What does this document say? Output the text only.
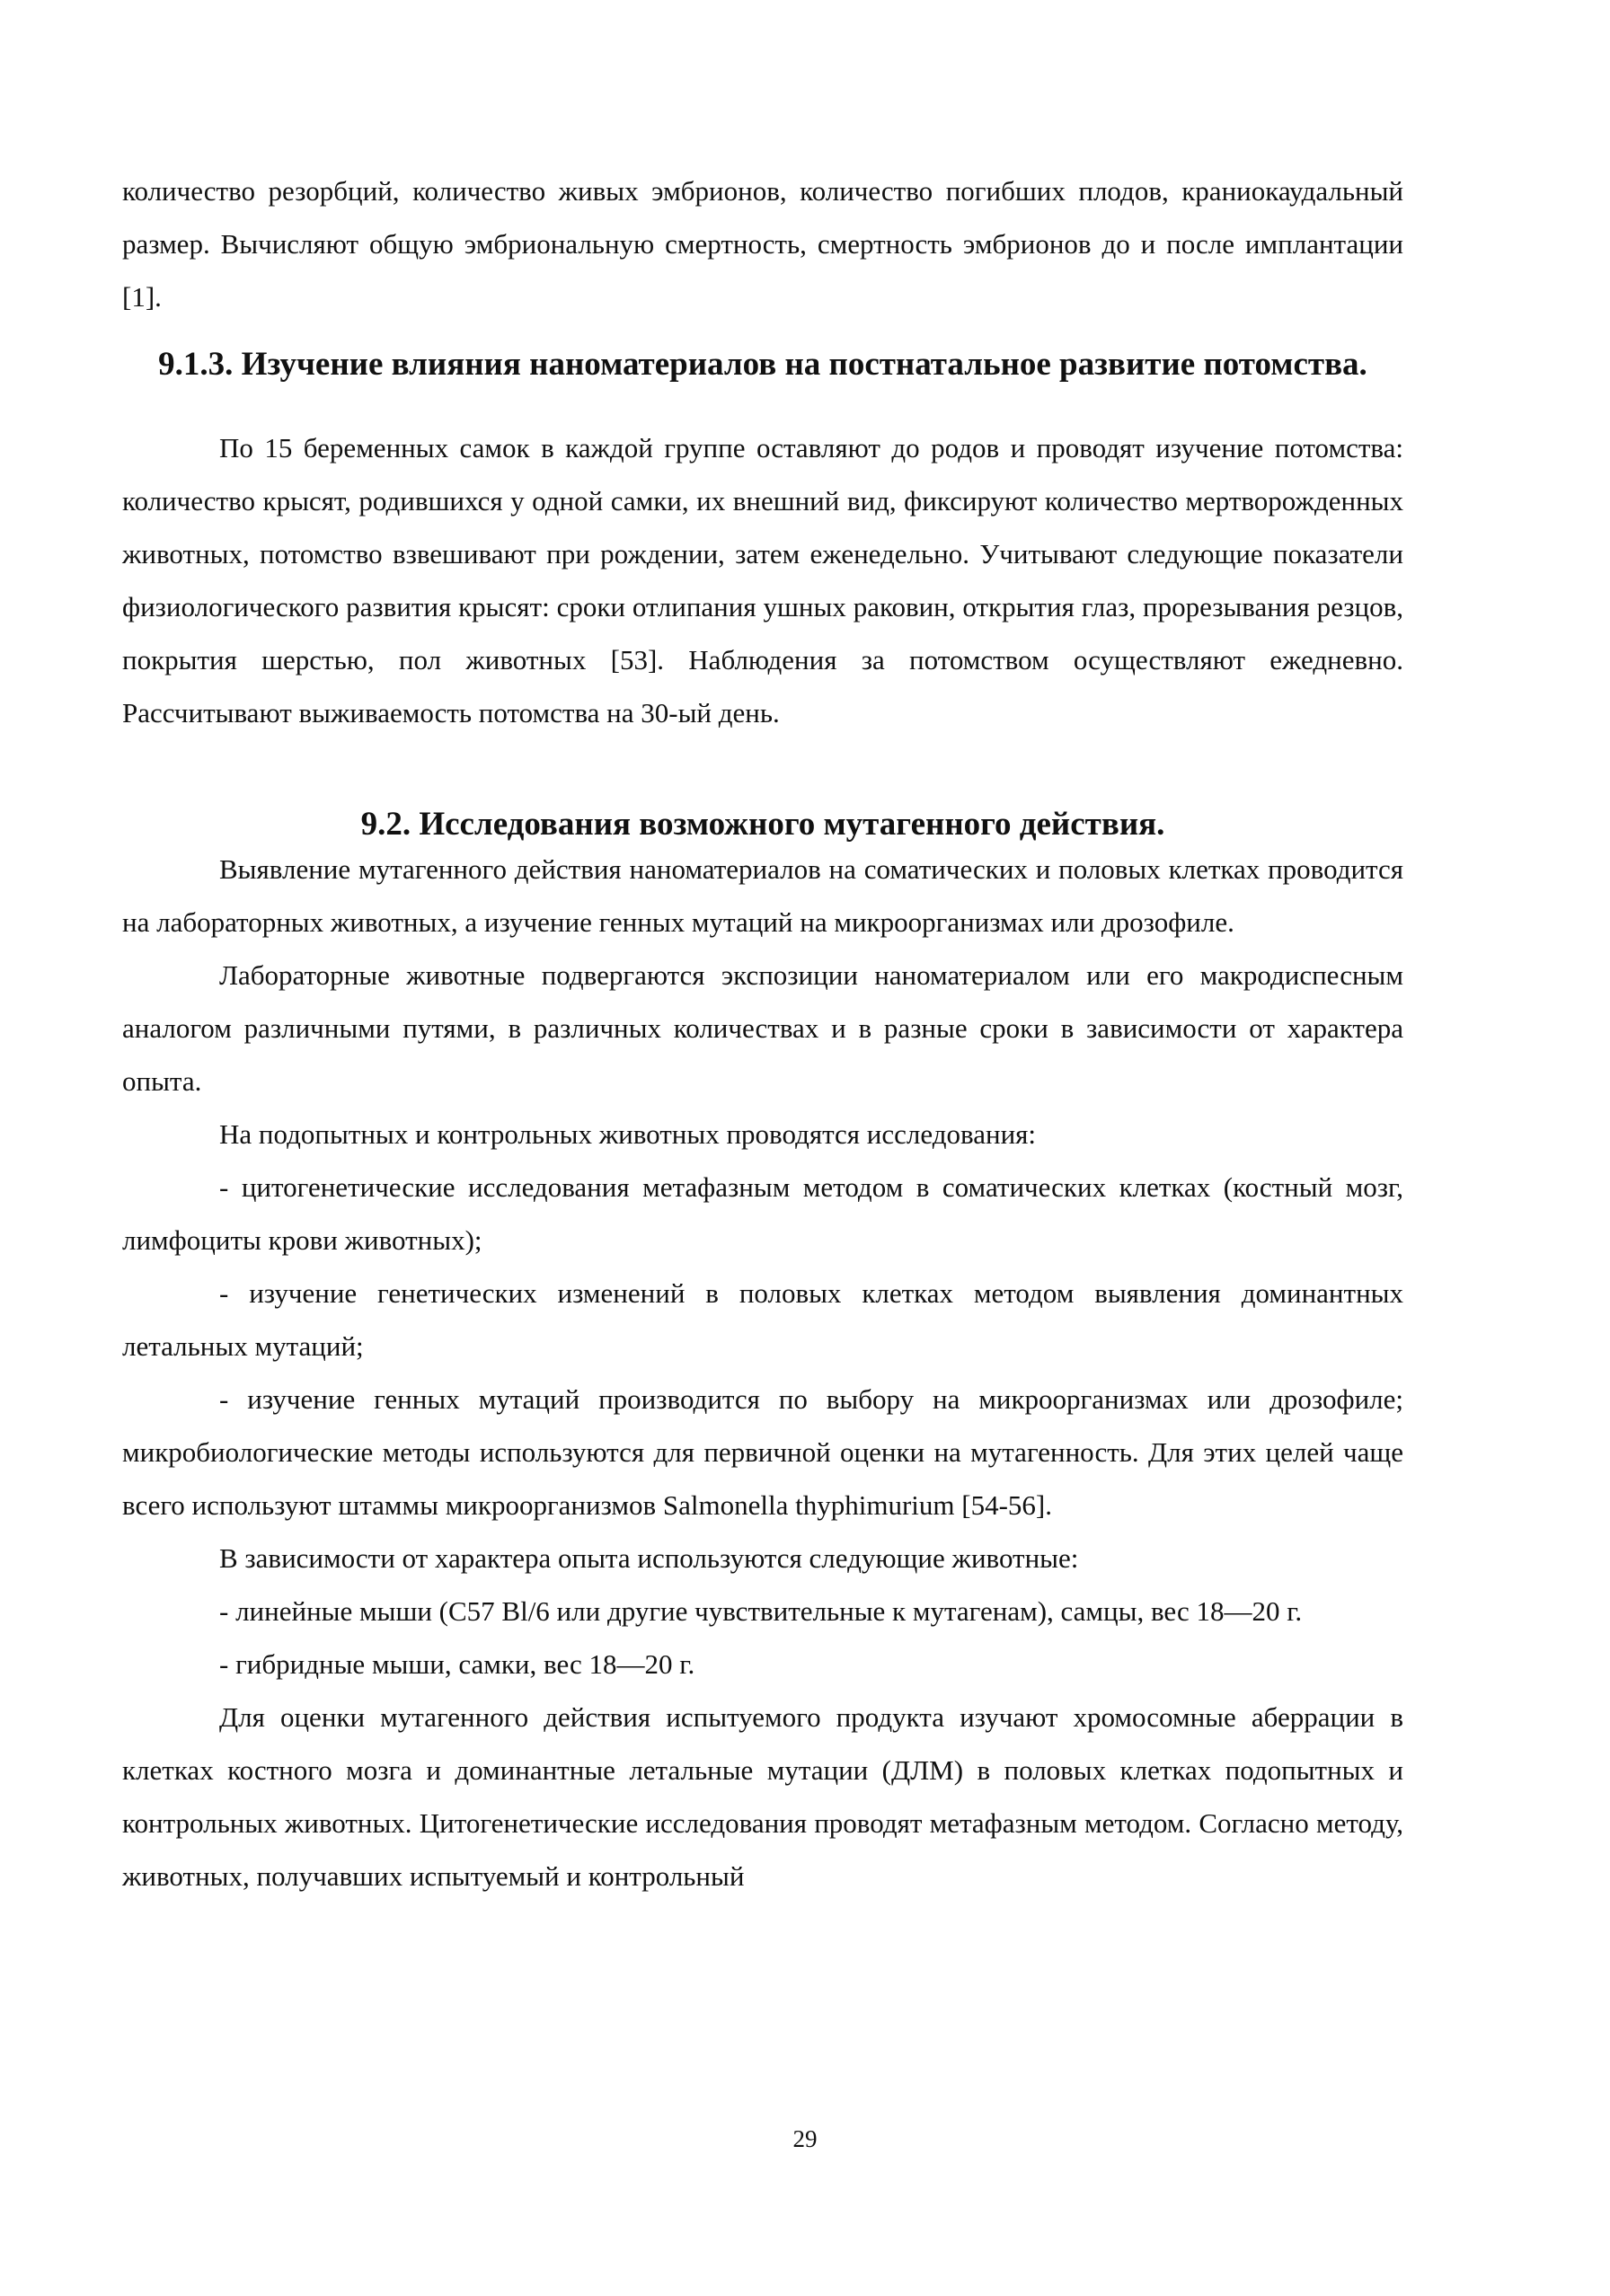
количество резорбций, количество живых эмбрионов, количество погибших плодов, краниокаудальный размер. Вычисляют общую эмбриональную смертность, смертность эмбрионов до и после имплантации [1].

9.1.3. Изучение влияния наноматериалов на постнатальное развитие потомства.

По 15 беременных самок в каждой группе оставляют до родов и проводят изучение потомства: количество крысят, родившихся у одной самки, их внешний вид, фиксируют количество мертворожденных животных, потомство взвешивают при рождении, затем еженедельно. Учитывают следующие показатели физиологического развития крысят: сроки отлипания ушных раковин, открытия глаз, прорезывания резцов, покрытия шерстью, пол животных [53]. Наблюдения за потомством осуществляют ежедневно. Рассчитывают выживаемость потомства на 30-ый день.

9.2. Исследования возможного мутагенного действия.

Выявление мутагенного действия наноматериалов на соматических и половых клетках проводится на лабораторных животных, а изучение генных мутаций на микроорганизмах или дрозофиле.

Лабораторные животные подвергаются экспозиции наноматериалом или его макродиспесным аналогом различными путями, в различных количествах и в разные сроки в зависимости от характера опыта.

На подопытных и контрольных животных проводятся исследования:

- цитогенетические исследования метафазным методом в соматических клетках (костный мозг, лимфоциты крови животных);

- изучение генетических изменений в половых клетках методом выявления доминантных летальных мутаций;

- изучение генных мутаций производится по выбору на микроорганизмах или дрозофиле; микробиологические методы используются для первичной оценки на мутагенность. Для этих целей чаще всего используют штаммы микроорганизмов Salmonella thyphimurium [54-56].

В зависимости от характера опыта используются следующие животные:

- линейные мыши (С57 Bl/6 или другие чувствительные к мутагенам), самцы, вес 18—20 г.

- гибридные мыши, самки, вес 18—20 г.

Для оценки мутагенного действия испытуемого продукта изучают хромосомные аберрации в клетках костного мозга и доминантные летальные мутации (ДЛМ) в половых клетках подопытных и контрольных животных. Цитогенетические исследования проводят метафазным методом. Согласно методу, животных, получавших испытуемый и контрольный

29
